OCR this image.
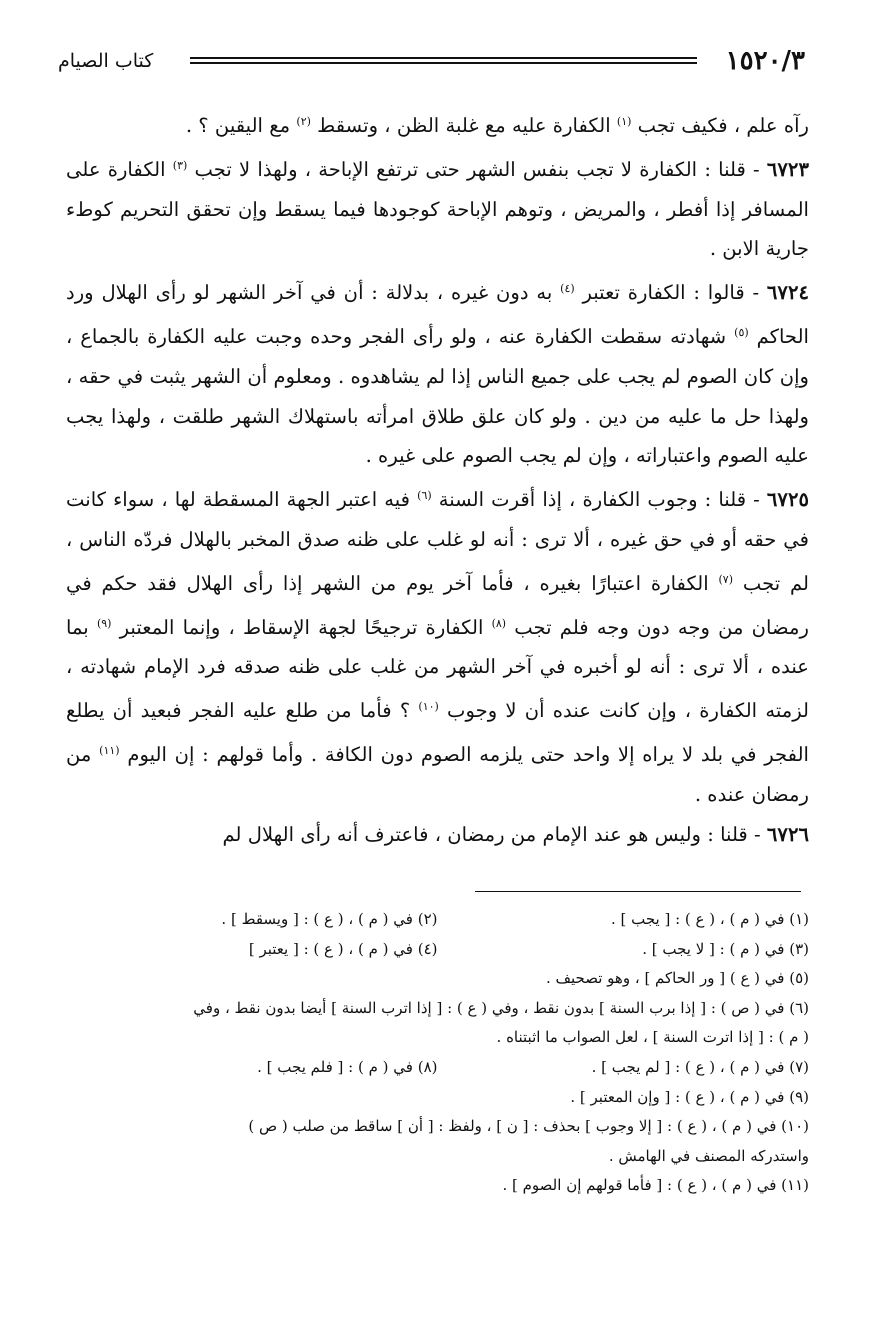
١٥٢٠/٣
كتاب الصيام

رآه علم ، فكيف تجب $^{(١)}$ الكفارة عليه مع غلبة الظن ، وتسقط $^{(٢)}$ مع اليقين ؟ .

٦٧٢٣ - قلنا : الكفارة لا تجب بنفس الشهر حتى ترتفع الإباحة ، ولهذا لا تجب $^{(٣)}$ الكفارة على المسافر إذا أفطر ، والمريض ، وتوهم الإباحة كوجودها فيما يسقط وإن تحقق التحريم كوطء جارية الابن .

٦٧٢٤ - قالوا : الكفارة تعتبر $^{(٤)}$ به دون غيره ، بدلالة : أن في آخر الشهر لو رأى الهلال ورد الحاكم $^{(٥)}$ شهادته سقطت الكفارة عنه ، ولو رأى الفجر وحده وجبت عليه الكفارة بالجماع ، وإن كان الصوم لم يجب على جميع الناس إذا لم يشاهدوه . ومعلوم أن الشهر يثبت في حقه ، ولهذا حل ما عليه من دين . ولو كان علق طلاق امرأته باستهلاك الشهر طلقت ، ولهذا يجب عليه الصوم واعتباراته ، وإن لم يجب الصوم على غيره .

٦٧٢٥ - قلنا : وجوب الكفارة ، إذا أقرت السنة $^{(٦)}$ فيه اعتبر الجهة المسقطة لها ، سواء كانت في حقه أو في حق غيره ، ألا ترى : أنه لو غلب على ظنه صدق المخبر بالهلال فردّه الناس ، لم تجب $^{(٧)}$ الكفارة اعتبارًا بغيره ، فأما آخر يوم من الشهر إذا رأى الهلال فقد حكم في رمضان من وجه دون وجه فلم تجب $^{(٨)}$ الكفارة ترجيحًا لجهة الإسقاط ، وإنما المعتبر $^{(٩)}$ بما عنده ، ألا ترى : أنه لو أخبره في آخر الشهر من غلب على ظنه صدقه فرد الإمام شهادته ، لزمته الكفارة ، وإن كانت عنده أن لا وجوب $^{(١٠)}$ ؟ فأما من طلع عليه الفجر فبعيد أن يطلع الفجر في بلد لا يراه إلا واحد حتى يلزمه الصوم دون الكافة . وأما قولهم : إن اليوم $^{(١١)}$ من رمضان عنده .

٦٧٢٦ - قلنا : وليس هو عند الإمام من رمضان ، فاعترف أنه رأى الهلال لم

(١) في ( م ) ، ( ع ) : [ يجب ] .
(٢) في ( م ) ، ( ع ) : [ ويسقط ] .
(٣) في ( م ) : [ لا يجب ] .
(٤) في ( م ) ، ( ع ) : [ يعتبر ]
(٥) في ( ع ) [ ور الحاكم ] ، وهو تصحيف .
(٦) في ( ص ) : [ إذا برب السنة ] بدون نقط ، وفي ( ع ) : [ إذا اترب السنة ] أيضا بدون نقط ، وفي
( م ) : [ إذا اترت السنة ] ، لعل الصواب ما اثبتناه .
(٧) في ( م ) ، ( ع ) : [ لم يجب ] .
(٨) في ( م ) : [ فلم يجب ] .
(٩) في ( م ) ، ( ع ) : [ وإن المعتبر ] .
(١٠) في ( م ) ، ( ع ) : [ إلا وجوب ] بحذف : [ ن ] ، ولفظ : [ أن ] ساقط من صلب ( ص )
واستدركه المصنف في الهامش .
(١١) في ( م ) ، ( ع ) : [ فأما قولهم إن الصوم ] .
